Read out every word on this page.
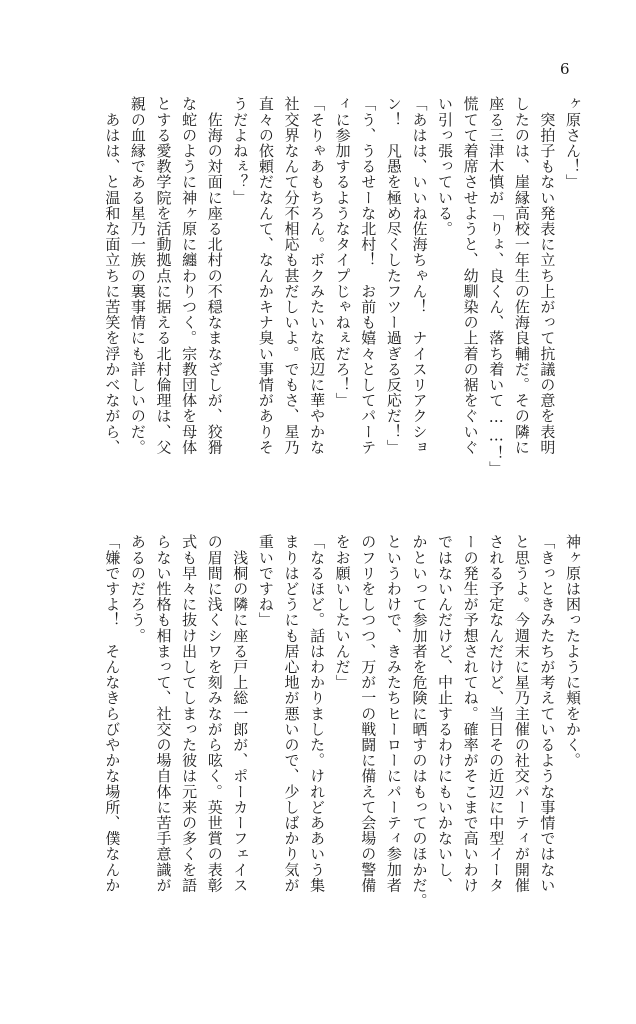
6

ヶ原さん！」

　突拍子もない発表に立ち上がって抗議の意を表明

したのは、崖縁高校一年生の佐海良輔だ。その隣に

座る三津木慎が「りょ、良くん、落ち着いて……！」

慌てて着席させようと、幼馴染の上着の裾をぐいぐ

い引っ張っている。

「あはは、いいね佐海ちゃん！　ナイスリアクショ

ン！　凡愚を極め尽くしたフツー過ぎる反応だ！」

「う、うるせーな北村！　お前も嬉々としてパーテ

ィに参加するようなタイプじゃねぇだろ！」

「そりゃあもちろん。ボクみたいな底辺に華やかな

社交界なんて分不相応も甚だしいよ。でもさ、星乃

直々の依頼だなんて、なんかキナ臭い事情がありそ

うだよねぇ？」

　佐海の対面に座る北村の不穏なまなざしが、狡猾

な蛇のように神ヶ原に纏わりつく。宗教団体を母体

とする愛教学院を活動拠点に据える北村倫理は、父

親の血縁である星乃一族の裏事情にも詳しいのだ。

　あはは、と温和な面立ちに苦笑を浮かべながら、

神ヶ原は困ったように頬をかく。

「きっときみたちが考えているような事情ではない

と思うよ。今週末に星乃主催の社交パーティが開催

される予定なんだけど、当日その近辺に中型イータ

ーの発生が予想されてね。確率がそこまで高いわけ

ではないんだけど、中止するわけにもいかないし、

かといって参加者を危険に晒すのはもってのほかだ。

というわけで、きみたちヒーローにパーティ参加者

のフリをしつつ、万が一の戦闘に備えて会場の警備

をお願いしたいんだ」

「なるほど。話はわかりました。けれどああいう集

まりはどうにも居心地が悪いので、少しばかり気が

重いですね」

　浅桐の隣に座る戸上総一郎が、ポーカーフェイス

の眉間に浅くシワを刻みながら呟く。英世賞の表彰

式も早々に抜け出してしまった彼は元来の多くを語

らない性格も相まって、社交の場自体に苦手意識が

あるのだろう。

「嫌ですよ！　そんなきらびやかな場所、僕なんか
